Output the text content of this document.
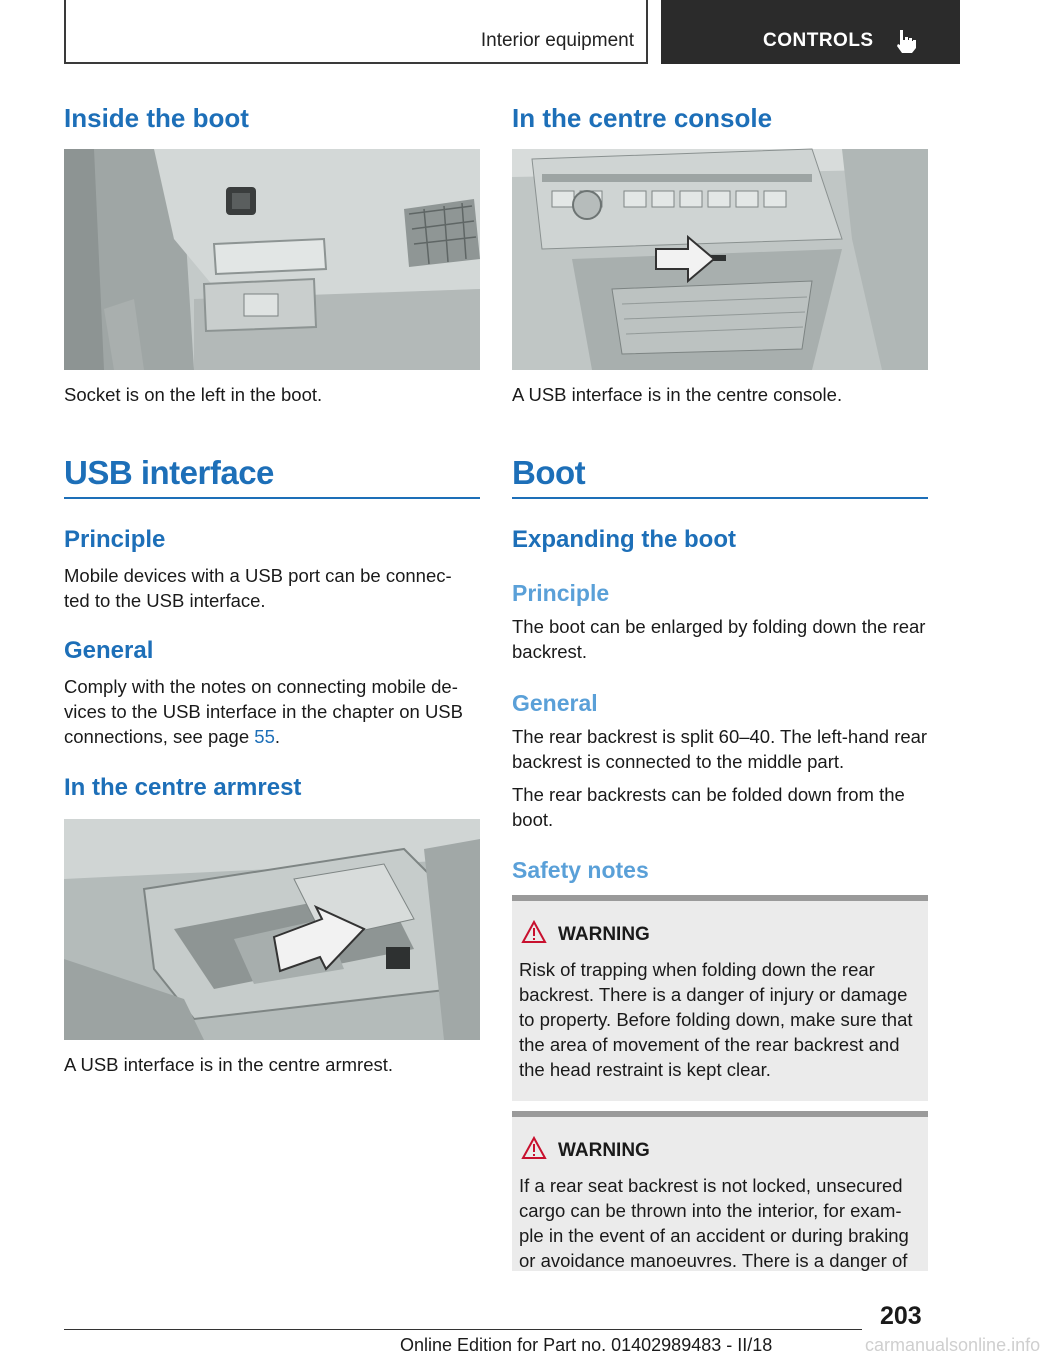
Interior equipment	CONTROLS
Inside the boot

Socket is on the left in the boot.

USB interface
Principle

Mobile devices with a USB port can be connec‐ ted to the USB interface.

General

Comply with the notes on connecting mobile de‐ vices to the USB interface in the chapter on USB connections, see page 55.

In the centre armrest

A USB interface is in the centre armrest.

In the centre console

A USB interface is in the centre console.

Boot
Expanding the boot
Principle

The boot can be enlarged by folding down the rear backrest.

General

The rear backrest is split 60–40. The left‐hand rear backrest is connected to the middle part.

The rear backrests can be folded down from the boot.

Safety notes
WARNING

Risk of trapping when folding down the rear backrest. There is a danger of injury or damage to property. Before folding down, make sure that the area of movement of the rear backrest and the head restraint is kept clear.

WARNING

If a rear seat backrest is not locked, unsecured cargo can be thrown into the interior, for exam‐ ple in the event of an accident or during braking or avoidance manoeuvres. There is a danger of

203
Online Edition for Part no. 01402989483 - II/18	carmanualsonline.info
